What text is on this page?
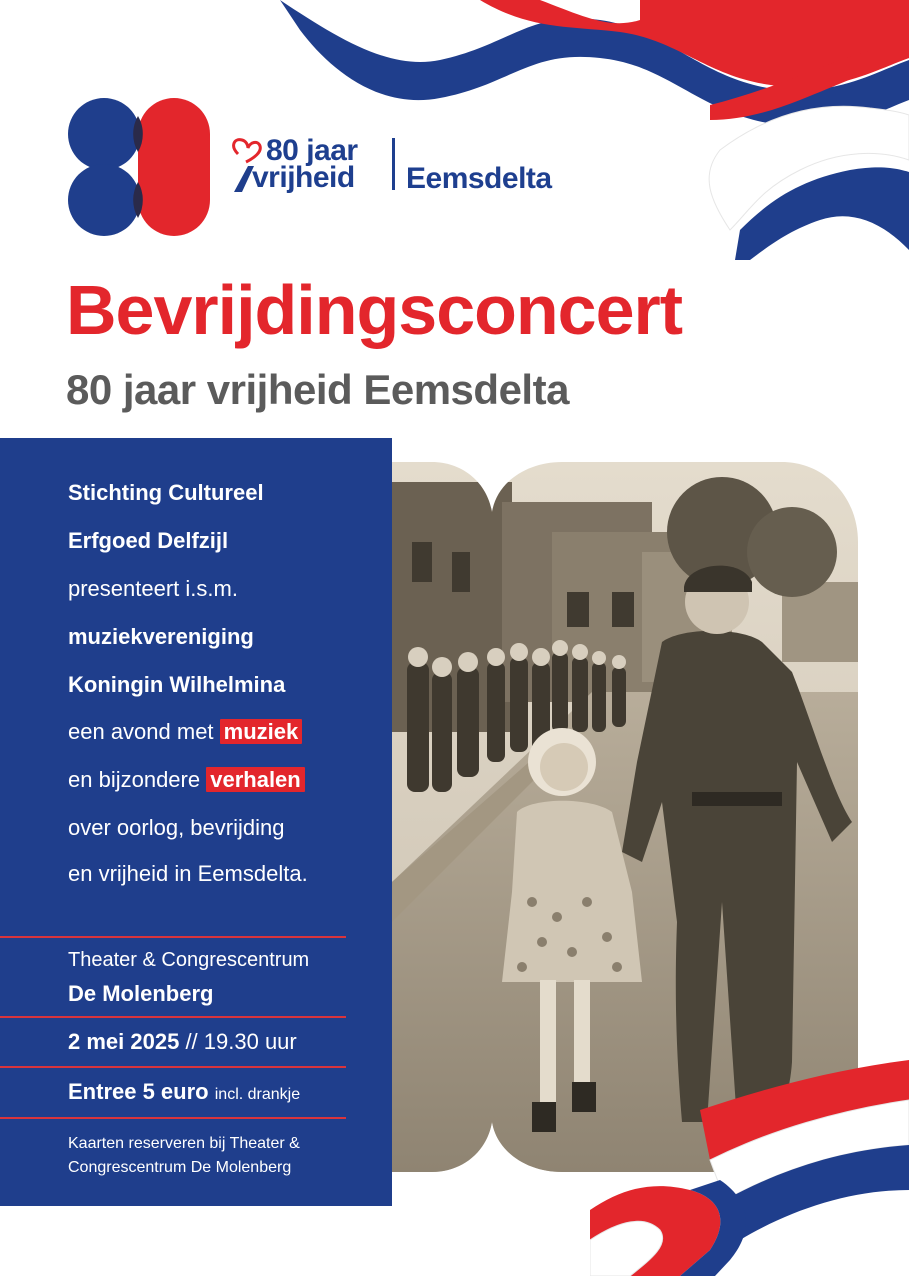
80 jaar
vrijheid Eemsdelta
Bevrijdingsconcert
80 jaar vrijheid Eemsdelta
Stichting Cultureel
Erfgoed Delfzijl
presenteert i.s.m.
muziekvereniging
Koningin Wilhelmina
een avond met muziek
en bijzondere verhalen
over oorlog, bevrijding
en vrijheid in Eemsdelta.
Theater & Congrescentrum
De Molenberg
2 mei 2025 // 19.30 uur
Entree 5 euro incl. drankje
Kaarten reserveren bij Theater &
Congrescentrum De Molenberg
